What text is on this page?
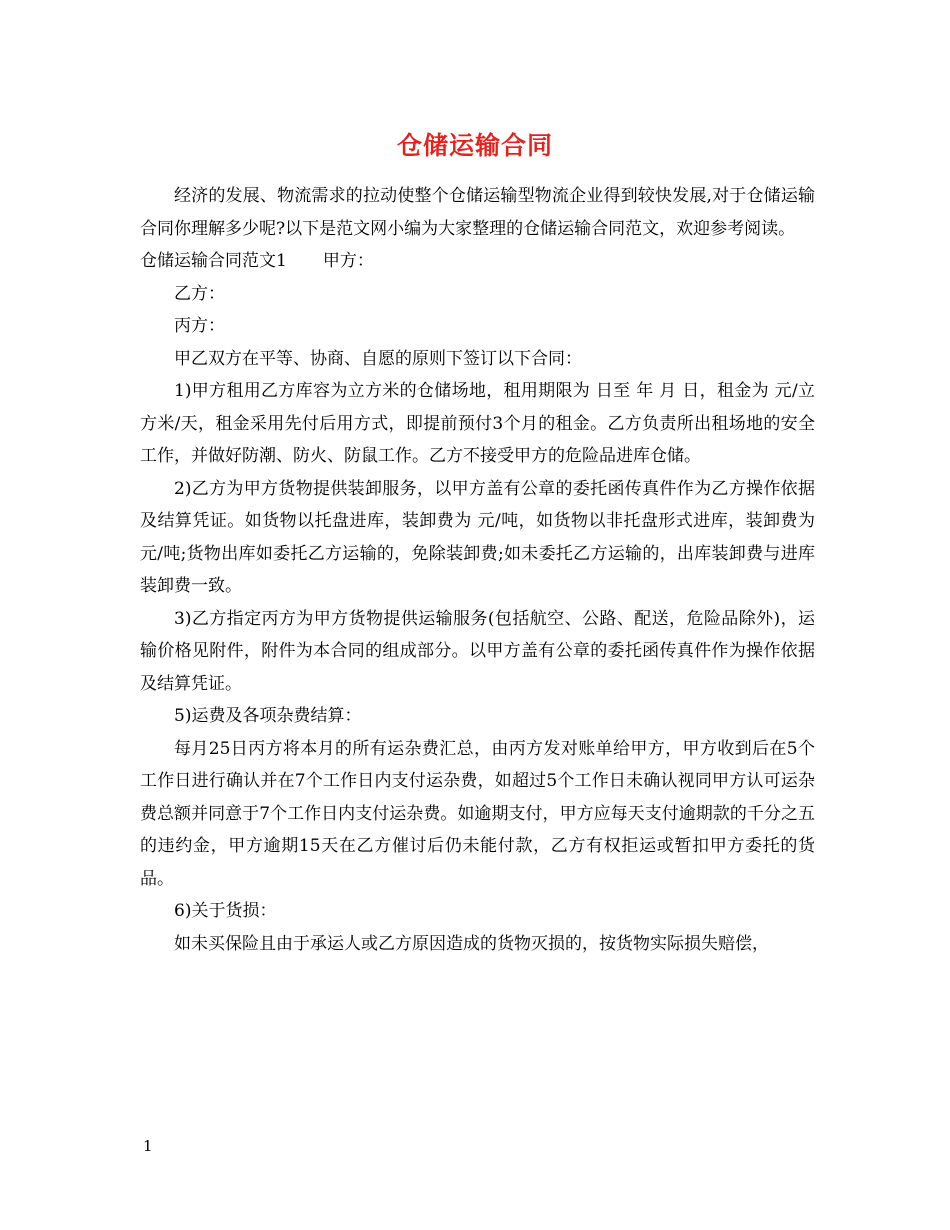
仓储运输合同

经济的发展、物流需求的拉动使整个仓储运输型物流企业得到较快发展,对于仓储运输合同你理解多少呢?以下是范文网小编为大家整理的仓储运输合同范文，欢迎参考阅读。

仓储运输合同范文1 甲方：

乙方：

丙方：

甲乙双方在平等、协商、自愿的原则下签订以下合同：

1)甲方租用乙方库容为立方米的仓储场地，租用期限为 日至 年 月 日，租金为 元/立方米/天，租金采用先付后用方式，即提前预付3个月的租金。乙方负责所出租场地的安全工作，并做好防潮、防火、防鼠工作。乙方不接受甲方的危险品进库仓储。

2)乙方为甲方货物提供装卸服务，以甲方盖有公章的委托函传真件作为乙方操作依据及结算凭证。如货物以托盘进库，装卸费为 元/吨，如货物以非托盘形式进库，装卸费为 元/吨;货物出库如委托乙方运输的，免除装卸费;如未委托乙方运输的，出库装卸费与进库装卸费一致。

3)乙方指定丙方为甲方货物提供运输服务(包括航空、公路、配送，危险品除外)，运输价格见附件，附件为本合同的组成部分。以甲方盖有公章的委托函传真件作为操作依据及结算凭证。

5)运费及各项杂费结算：

每月25日丙方将本月的所有运杂费汇总，由丙方发对账单给甲方，甲方收到后在5个工作日进行确认并在7个工作日内支付运杂费，如超过5个工作日未确认视同甲方认可运杂费总额并同意于7个工作日内支付运杂费。如逾期支付，甲方应每天支付逾期款的千分之五的违约金，甲方逾期15天在乙方催讨后仍未能付款，乙方有权拒运或暂扣甲方委托的货品。

6)关于货损：

如未买保险且由于承运人或乙方原因造成的货物灭损的，按货物实际损失赔偿，

1
